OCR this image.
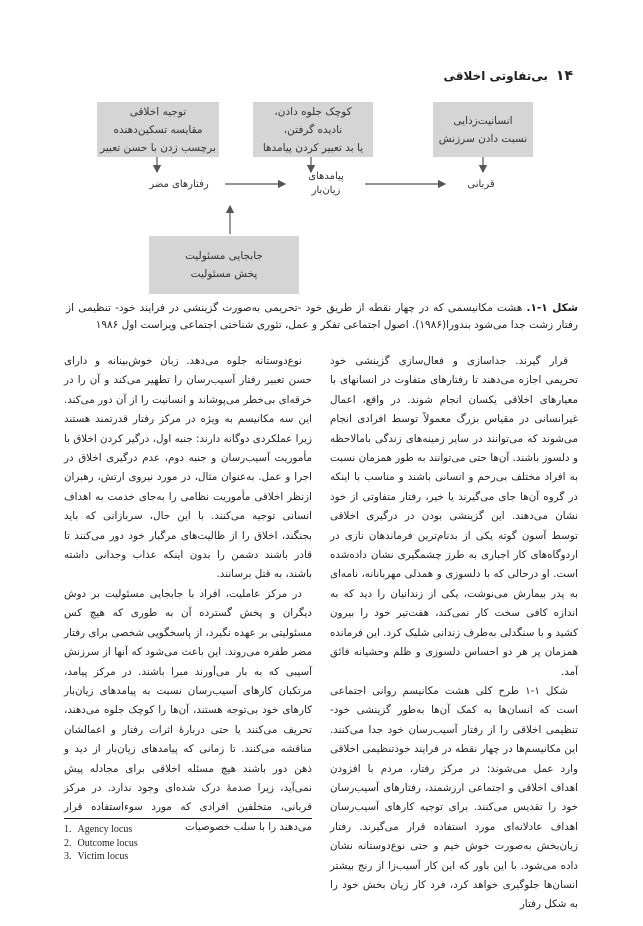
۱۴
بی‌تفاوتی اخلاقی
توجیه اخلاقی
مقایسه تسکین‌دهنده
برچسب زدن با حسن تعبیر
کوچک جلوه دادن،
نادیده گرفتن،
یا بد تعبیر کردن پیامدها
انسانیت‌زدایی
نسبت دادن سرزنش
جابجایی مسئولیت
پخش مسئولیت
رفتارهای مضر
پیامدهای
زیان‌بار
قربانی
شکل ۱-۱. هشت مکانیسمی که در چهار نقطه از طریق خود -تحریمی به‌صورت گزینشی در فرایند خود- تنظیمی از رفتار زشت جدا می‌شود بندورا(۱۹۸۶). اصول اجتماعی تفکر و عمل، تئوری شناختی اجتماعی ویراست اول ۱۹۸۶

قرار گیرند. جداسازی و فعال‌سازی گزینشی خود تحریمی اجازه می‌دهند تا رفتارهای متفاوت در انسانهای با معیارهای اخلاقی یکسان انجام شوند. در واقع، اعمال غیرانسانی در مقیاس بزرگ معمولاً توسط افرادی انجام می‌شوند که می‌توانند در سایر زمینه‌های زندگی بامالاحظه و دلسوز باشند. آن‌ها حتی می‌توانند به طور همزمان نسبت به افراد مختلف بی‌رحم و انسانی باشند و مناسب با اینکه در گروه آن‌ها جای می‌گیرند یا خیر، رفتار متفاوتی از خود نشان می‌دهند. این گزینشی بودن در درگیری اخلاقی توسط آسون گوته یکی از بدنام‌ترین فرماندهان نازی در اردوگاه‌های کار اجباری به طرز چشمگیری نشان داده‌شده است. او درحالی که با دلسوزی و همدلی مهربانانه، نامه‌ای به پدر بیمارش می‌نوشت، یکی از زندانیان را دید که به اندازه کافی سخت کار نمی‌کند، هفت‌تیر خود را بیرون کشید و با سنگدلی به‌طرف زندانی شلیک کرد. این فرمانده همزمان پر هر دو احساس دلسوزی و ظلم وحشیانه فائق آمد.

شکل ۱-۱ طرح کلی هشت مکانیسم روانی اجتماعی است که انسان‌ها به کمک آن‌ها به‌طور گزینشی خود-تنظیمی اخلاقی را از رفتار آسیب‌رسان خود جدا می‌کنند. این مکانیسم‌ها در چهار نقطه در فرایند خودتنظیمی اخلاقی وارد عمل می‌شوند: در مرکز رفتار، مردم با افزودن اهداف اخلاقی و اجتماعی ارزشمند، رفتارهای آسیب‌رسان خود را تقدیس می‌کنند. برای توجیه کارهای آسیب‌رسان اهداف عادلانه‌ای مورد استفاده قرار می‌گیرند. رفتار زیان‌بخش به‌صورت خوش خیم و حتی نوع‌دوستانه نشان داده می‌شود. با این باور که این کار آسیب‌زا از رنج بیشتر انسان‌ها جلوگیری خواهد کرد، فرد کار زیان بخش خود را به شکل رفتار

نوع‌دوستانه جلوه می‌دهد. زبان خوش‌بینانه و دارای حسن تعبیر رفتار آسیب‌رسان را تطهیر می‌کند و آن را در خرقه‌ای بی‌خطر می‌پوشاند و انسانیت را از آن دور می‌کند. این سه مکانیسم به ویژه در مرکز رفتار قدرتمند هستند زیرا عملکردی دوگانه دارند: جنبه اول، درگیر کردن اخلاق با مأموریت آسیب‌رسان و جنبه دوم، عدم درگیری اخلاق در اجرا و عمل. به‌عنوان مثال، در مورد نیروی ارتش، رهبران ازنظر اخلاقی مأموریت نظامی را به‌جای خدمت به اهداف انسانی توجیه می‌کنند. با این حال، سربازانی که باید بجنگند، اخلاق را از ظالیت‌های مرگبار خود دور می‌کنند تا قادر باشند دشمن را بدون اینکه عذاب وجدانی داشته باشند، به قتل برسانند.

در مرکز عاملیت، افراد با جابجایی مسئولیت بر دوش دیگران و پخش گسترده آن به طوری که هیچ کس مسئولیتی بر عهده نگیرد، از پاسخگویی شخصی برای رفتار مضر طفره می‌روند. این باعث می‌شود که آنها از سرزنش آسیبی که به بار می‌آورند مبرا باشند. در مرکز پیامد، مرتکبان کارهای آسیب‌رسان نسبت به پیامدهای زیان‌بار کارهای خود بی‌توجه هستند، آن‌ها را کوچک جلوه می‌دهند، تحریف می‌کنند یا حتی دربارهٔ اثرات رفتار و اعمالشان مناقشه می‌کنند. تا زمانی که پیامدهای زیان‌بار از دید و ذهن دور باشند هیچ مسئله اخلاقی برای مجادله پیش نمی‌آید، زیرا صدمهٔ درک شده‌ای وجود ندارد. در مرکز قربانی، متخلفین افرادی که مورد سوءاستفاده قرار می‌دهند را با سلب خصوصیات

1. Agency locus
2. Outcome locus
3. Victim locus
